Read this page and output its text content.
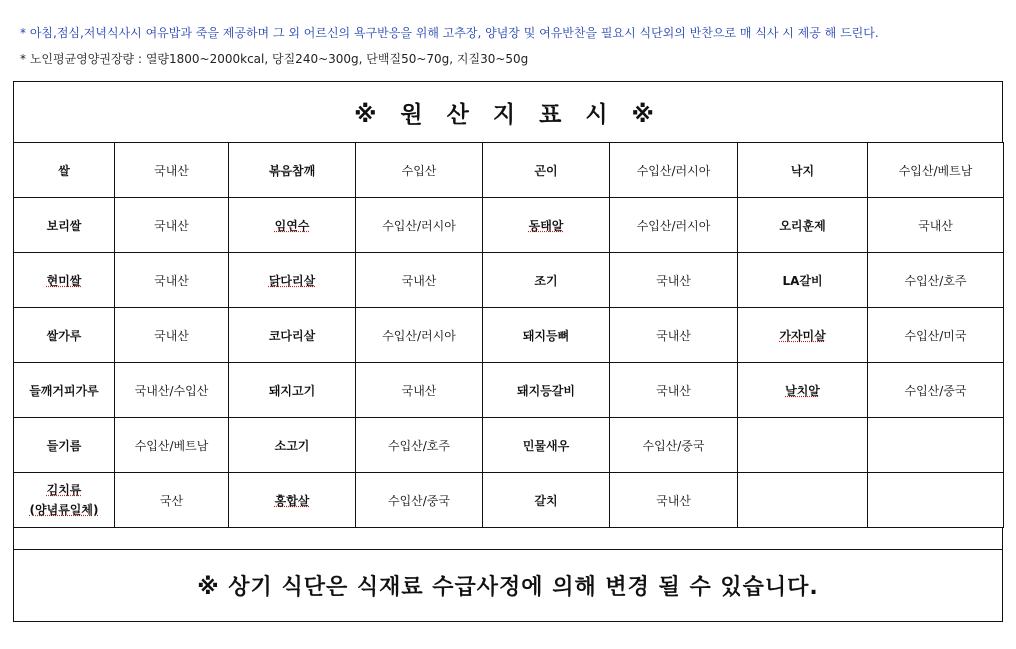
* 아침,점심,저녁식사시 여유밥과 죽을 제공하며 그 외 어르신의 욕구반응을 위해 고추장, 양념장 및 여유반찬을 필요시 식단외의 반찬으로 매 식사 시 제공 해 드린다.
* 노인평균영양권장량 : 열량1800~2000kcal, 당질240~300g, 단백질50~70g, 지질30~50g
※ 원 산 지 표 시 ※
쌀	국내산	볶음참깨	수입산	곤이	수입산/러시아	낙지	수입산/베트남
보리쌀	국내산	임연수	수입산/러시아	동태알	수입산/러시아	오리훈제	국내산
현미쌀	국내산	닭다리살	국내산	조기	국내산	LA갈비	수입산/호주
쌀가루	국내산	코다리살	수입산/러시아	돼지등뼈	국내산	가자미살	수입산/미국
들깨거피가루	국내산/수입산	돼지고기	국내산	돼지등갈비	국내산	날치알	수입산/중국
들기름	수입산/베트남	소고기	수입산/호주	민물새우	수입산/중국		
김치류
(양념류일체)	국산	홍합살	수입산/중국	갈치	국내산		
※ 상기 식단은 식재료 수급사정에 의해 변경 될 수 있습니다.
